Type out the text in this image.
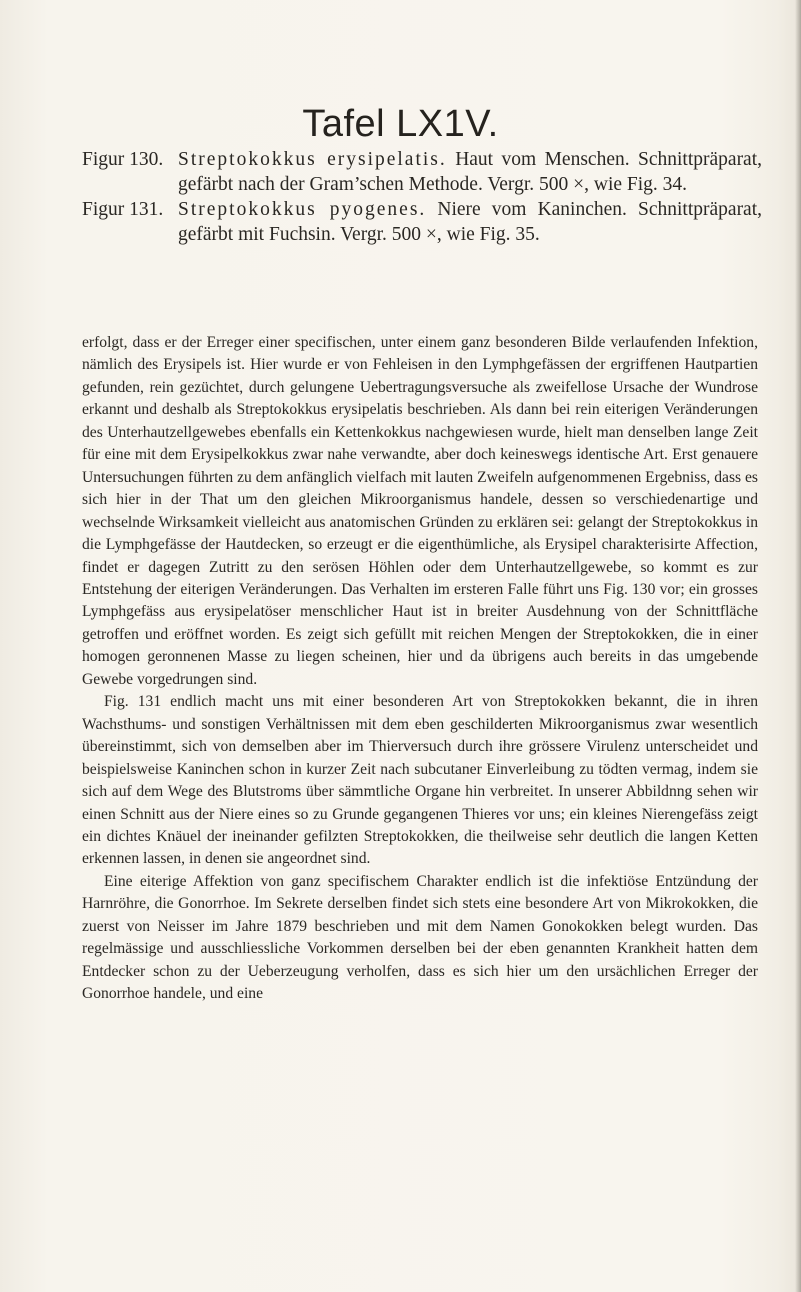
Tafel LX1V.
Figur 130. Streptokokkus erysipelatis. Haut vom Menschen. Schnittpräparat, gefärbt nach der Gram’schen Methode. Vergr. 500 ×, wie Fig. 34.
Figur 131. Streptokokkus pyogenes. Niere vom Kaninchen. Schnittpräparat, gefärbt mit Fuchsin. Vergr. 500 ×, wie Fig. 35.

erfolgt, dass er der Erreger einer specifischen, unter einem ganz besonderen Bilde verlaufenden Infektion, nämlich des Erysipels ist. Hier wurde er von Fehleisen in den Lymphgefässen der ergriffenen Hautpartien gefunden, rein gezüchtet, durch gelungene Uebertragungsversuche als zweifellose Ursache der Wundrose erkannt und deshalb als Streptokokkus erysipelatis beschrieben. Als dann bei rein eiterigen Veränderungen des Unterhautzellgewebes ebenfalls ein Kettenkokkus nachgewiesen wurde, hielt man denselben lange Zeit für eine mit dem Erysipelkokkus zwar nahe verwandte, aber doch keineswegs identische Art. Erst genauere Untersuchungen führten zu dem anfänglich vielfach mit lauten Zweifeln aufgenommenen Ergebniss, dass es sich hier in der That um den gleichen Mikroorganismus handele, dessen so verschiedenartige und wechselnde Wirksamkeit vielleicht aus anatomischen Gründen zu erklären sei: gelangt der Streptokokkus in die Lymphgefässe der Hautdecken, so erzeugt er die eigenthümliche, als Erysipel charakterisirte Affection, findet er dagegen Zutritt zu den serösen Höhlen oder dem Unterhautzellgewebe, so kommt es zur Entstehung der eiterigen Veränderungen. Das Verhalten im ersteren Falle führt uns Fig. 130 vor; ein grosses Lymphgefäss aus erysipelatöser menschlicher Haut ist in breiter Ausdehnung von der Schnittfläche getroffen und eröffnet worden. Es zeigt sich gefüllt mit reichen Mengen der Streptokokken, die in einer homogen geronnenen Masse zu liegen scheinen, hier und da übrigens auch bereits in das umgebende Gewebe vorgedrungen sind.

Fig. 131 endlich macht uns mit einer besonderen Art von Streptokokken bekannt, die in ihren Wachsthums- und sonstigen Verhältnissen mit dem eben geschilderten Mikroorganismus zwar wesentlich übereinstimmt, sich von demselben aber im Thierversuch durch ihre grössere Virulenz unterscheidet und beispielsweise Kaninchen schon in kurzer Zeit nach subcutaner Einverleibung zu tödten vermag, indem sie sich auf dem Wege des Blutstroms über sämmtliche Organe hin verbreitet. In unserer Abbildnng sehen wir einen Schnitt aus der Niere eines so zu Grunde gegangenen Thieres vor uns; ein kleines Nierengefäss zeigt ein dichtes Knäuel der ineinander gefilzten Streptokokken, die theilweise sehr deutlich die langen Ketten erkennen lassen, in denen sie angeordnet sind.

Eine eiterige Affektion von ganz specifischem Charakter endlich ist die infektiöse Entzündung der Harnröhre, die Gonorrhoe. Im Sekrete derselben findet sich stets eine besondere Art von Mikrokokken, die zuerst von Neisser im Jahre 1879 beschrieben und mit dem Namen Gonokokken belegt wurden. Das regelmässige und ausschliessliche Vorkommen derselben bei der eben genannten Krankheit hatten dem Entdecker schon zu der Ueberzeugung verholfen, dass es sich hier um den ursächlichen Erreger der Gonorrhoe handele, und eine
